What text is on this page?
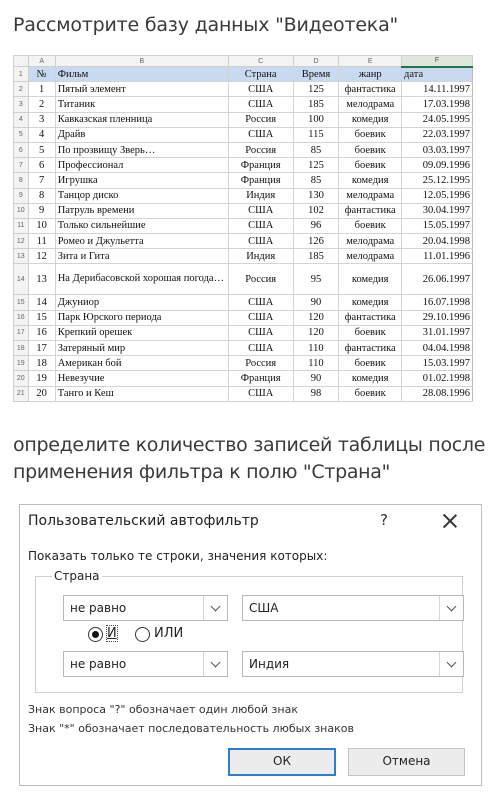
Рассмотрите базу данных "Видеотека"
	A	B	C	D	E	F
1	№	Фильм	Страна	Время	жанр	дата
2	1	Пятый элемент	США	125	фантастика	14.11.1997
3	2	Титаник	США	185	мелодрама	17.03.1998
4	3	Кавказская пленница	Россия	100	комедия	24.05.1995
5	4	Драйв	США	115	боевик	22.03.1997
6	5	По прозвищу Зверь…	Россия	85	боевик	03.03.1997
7	6	Профессионал	Франция	125	боевик	09.09.1996
8	7	Игрушка	Франция	85	комедия	25.12.1995
9	8	Танцор диско	Индия	130	мелодрама	12.05.1996
10	9	Патруль времени	США	102	фантастика	30.04.1997
11	10	Только сильнейшие	США	96	боевик	15.05.1997
12	11	Ромео и Джульетта	США	126	мелодрама	20.04.1998
13	12	Зита и Гита	Индия	185	мелодрама	11.01.1996
14	13	На Дерибасовской хорошая погода…	Россия	95	комедия	26.06.1997
15	14	Джуниор	США	90	комедия	16.07.1998
16	15	Парк Юрского периода	США	120	фантастика	29.10.1996
17	16	Крепкий орешек	США	120	боевик	31.01.1997
18	17	Затеряный мир	США	110	фантастика	04.04.1998
19	18	Американ бой	Россия	110	боевик	15.03.1997
20	19	Невезучие	Франция	90	комедия	01.02.1998
21	20	Танго и Кеш	США	98	боевик	28.08.1996
определите количество записей таблицы после применения фильтра к полю "Страна"
Пользовательский автофильтр	?
Показать только те строки, значения которых:
Страна
не равно	США
И	ИЛИ
не равно	Индия
Знак вопроса "?" обозначает один любой знак
Знак "*" обозначает последовательность любых знаков
ОК	Отмена
